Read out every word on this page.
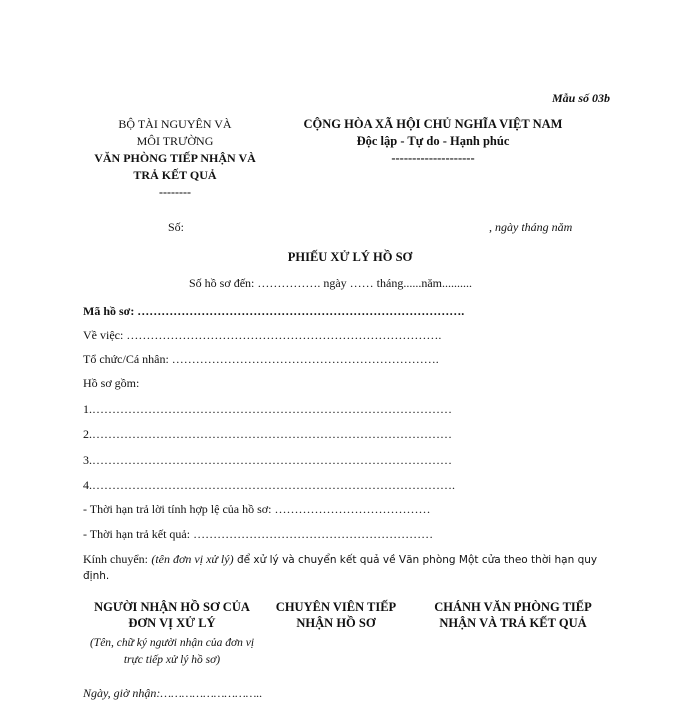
Mẫu số 03b
BỘ TÀI NGUYÊN VÀ
MÔI TRƯỜNG
VĂN PHÒNG TIẾP NHẬN VÀ
TRẢ KẾT QUẢ
--------
CỘNG HÒA XÃ HỘI CHỦ NGHĨA VIỆT NAM
Độc lập - Tự do - Hạnh phúc
--------------------
Số:	, ngày tháng năm
PHIẾU XỬ LÝ HỒ SƠ
Số hồ sơ đến: ……………. ngày …… tháng......năm..........
Mã hồ sơ: ……………………………………………………………………….
Về việc: …………………………………………………………………….
Tổ chức/Cá nhân: ………………………………………………………….
Hồ sơ gồm:
1.………………………………………………………………………………
2.………………………………………………………………………………
3.………………………………………………………………………………
4.……………………………………………………………………………….
- Thời hạn trả lời tính hợp lệ của hồ sơ: …………………………………
- Thời hạn trả kết quả: ……………………………………………………
Kính chuyển: (tên đơn vị xử lý) để xử lý và chuyển kết quả về Văn phòng Một cửa theo thời hạn quy định.
NGƯỜI NHẬN HỒ SƠ CỦA ĐƠN VỊ XỬ LÝ
(Tên, chữ ký người nhận của đơn vị trực tiếp xử lý hồ sơ)
CHUYÊN VIÊN TIẾP NHẬN HỒ SƠ
CHÁNH VĂN PHÒNG TIẾP NHẬN VÀ TRẢ KẾT QUẢ
Ngày, giờ nhận:………………………..
